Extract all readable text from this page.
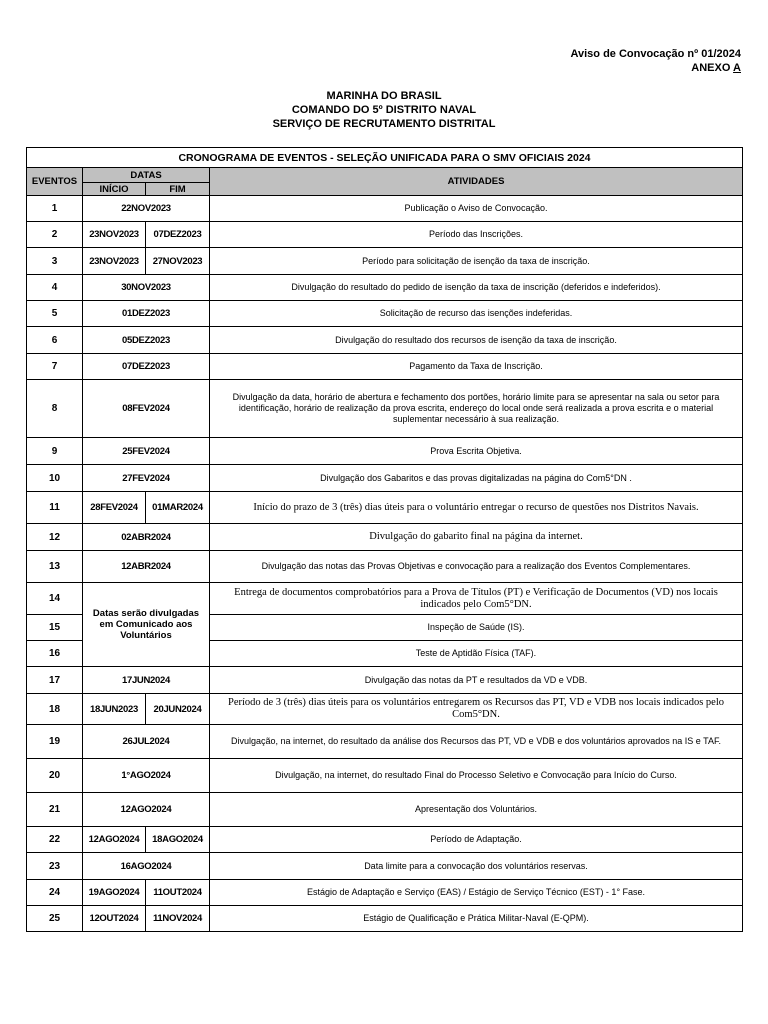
Aviso de Convocação nº 01/2024
ANEXO A
MARINHA DO BRASIL
COMANDO DO 5º DISTRITO NAVAL
SERVIÇO DE RECRUTAMENTO DISTRITAL
CRONOGRAMA DE EVENTOS - SELEÇÃO UNIFICADA PARA O SMV OFICIAIS 2024			
EVENTOS	DATAS		ATIVIDADES
	INÍCIO	FIM	
1	22NOV2023		Publicação o Aviso de Convocação.
2	23NOV2023	07DEZ2023	Período das Inscrições.
3	23NOV2023	27NOV2023	Período para solicitação de isenção da taxa de inscrição.
4	30NOV2023		Divulgação do resultado do pedido de isenção da taxa de inscrição (deferidos e indeferidos).
5	01DEZ2023		Solicitação de recurso das isenções indeferidas.
6	05DEZ2023		Divulgação do resultado dos recursos de isenção da taxa de inscrição.
7	07DEZ2023		Pagamento da Taxa de Inscrição.
8	08FEV2024		Divulgação da data, horário de abertura e fechamento dos portões, horário limite para se apresentar na sala ou setor para identificação, horário de realização da prova escrita, endereço do local onde será realizada a prova escrita e o material suplementar necessário à sua realização.
9	25FEV2024		Prova Escrita Objetiva.
10	27FEV2024		Divulgação dos Gabaritos e das provas digitalizadas na página do Com5°DN .
11	28FEV2024	01MAR2024	Início do prazo de 3 (três) dias úteis para o voluntário entregar o recurso de questões nos Distritos Navais.
12	02ABR2024		Divulgação do gabarito final na página da internet.
13	12ABR2024		Divulgação das notas das Provas Objetivas e convocação para a realização dos Eventos Complementares.
14	Datas serão divulgadas em Comunicado aos Voluntários		Entrega de documentos comprobatórios para a Prova de Títulos (PT) e Verificação de Documentos (VD) nos locais indicados pelo Com5°DN.
15			Inspeção de Saúde (IS).
16			Teste de Aptidão Física (TAF).
17	17JUN2024		Divulgação das notas da PT e resultados da VD e VDB.
18	18JUN2023	20JUN2024	Período de 3 (três) dias úteis para os voluntários entregarem os Recursos das PT, VD e VDB nos locais indicados pelo Com5°DN.
19	26JUL2024		Divulgação, na internet, do resultado da análise dos Recursos das PT, VD e VDB e dos voluntários aprovados na IS e TAF.
20	1°AGO2024		Divulgação, na internet, do resultado Final do Processo Seletivo e Convocação para Início do Curso.
21	12AGO2024		Apresentação dos Voluntários.
22	12AGO2024	18AGO2024	Período de Adaptação.
23	16AGO2024		Data limite para a convocação dos voluntários reservas.
24	19AGO2024	11OUT2024	Estágio de Adaptação e Serviço (EAS) / Estágio de Serviço Técnico (EST) - 1° Fase.
25	12OUT2024	11NOV2024	Estágio de Qualificação e Prática Militar-Naval (E-QPM).
